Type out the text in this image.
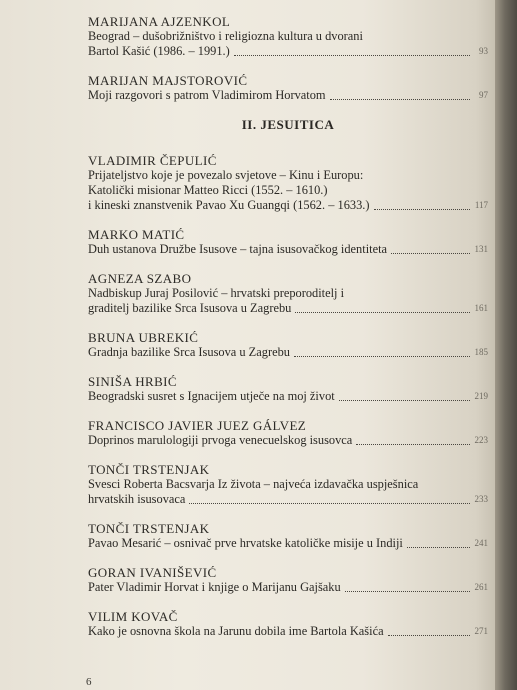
MARIJANA AJZENKOL
Beograd – dušobrižništvo i religiozna kultura u dvorani
Bartol Kašić (1986. – 1991.)	93
MARIJAN MAJSTOROVIĆ
Moji razgovori s patrom Vladimirom Horvatom	97
II. JESUITICA
VLADIMIR ČEPULIĆ
Prijateljstvo koje je povezalo svjetove – Kinu i Europu:
Katolički misionar Matteo Ricci (1552. – 1610.)
i kineski znanstvenik Pavao Xu Guangqi (1562. – 1633.)	117
MARKO MATIĆ
Duh ustanova Družbe Isusove – tajna isusovačkog identiteta	131
AGNEZA SZABO
Nadbiskup Juraj Posilović – hrvatski preporoditelj i
graditelj bazilike Srca Isusova u Zagrebu	161
BRUNA UBREKIĆ
Gradnja bazilike Srca Isusova u Zagrebu	185
SINIŠA HRBIĆ
Beogradski susret s Ignacijem utječe na moj život	219
FRANCISCO JAVIER JUEZ GÁLVEZ
Doprinos marulologiji prvoga venecuelskog isusovca	223
TONČI TRSTENJAK
Svesci Roberta Bacsvarja Iz života – najveća izdavačka uspješnica
hrvatskih isusovaca	233
TONČI TRSTENJAK
Pavao Mesarić – osnivač prve hrvatske katoličke misije u Indiji	241
GORAN IVANIŠEVIĆ
Pater Vladimir Horvat i knjige o Marijanu Gajšaku	261
VILIM KOVAČ
Kako je osnovna škola na Jarunu dobila ime Bartola Kašića	271
6
